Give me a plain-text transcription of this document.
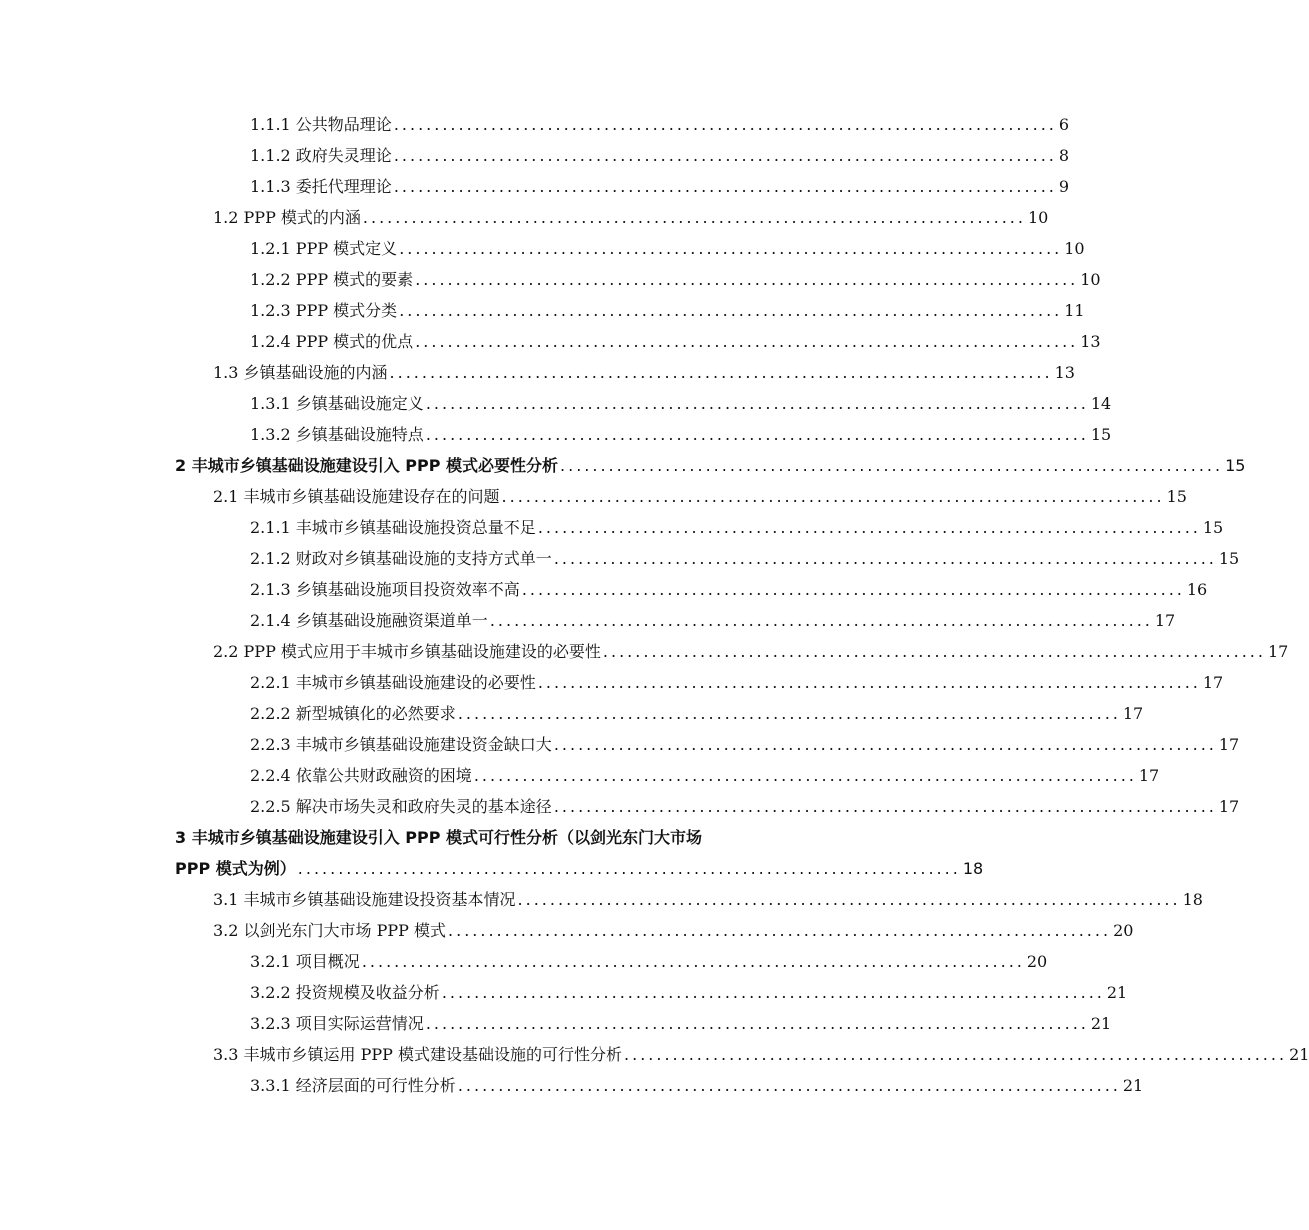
1.1.1 公共物品理论 .................................................................................. 6
1.1.2 政府失灵理论 .................................................................................. 8
1.1.3 委托代理理论 .................................................................................. 9
1.2 PPP 模式的内涵 .................................................................................. 10
1.2.1 PPP 模式定义 .................................................................................. 10
1.2.2 PPP 模式的要素 .................................................................................. 10
1.2.3 PPP 模式分类 .................................................................................. 11
1.2.4 PPP 模式的优点 .................................................................................. 13
1.3 乡镇基础设施的内涵 .................................................................................. 13
1.3.1 乡镇基础设施定义 .................................................................................. 14
1.3.2 乡镇基础设施特点 .................................................................................. 15
2 丰城市乡镇基础设施建设引入 PPP 模式必要性分析 .................................................................................. 15
2.1 丰城市乡镇基础设施建设存在的问题 .................................................................................. 15
2.1.1 丰城市乡镇基础设施投资总量不足 .................................................................................. 15
2.1.2 财政对乡镇基础设施的支持方式单一 .................................................................................. 15
2.1.3 乡镇基础设施项目投资效率不高 .................................................................................. 16
2.1.4 乡镇基础设施融资渠道单一 .................................................................................. 17
2.2 PPP 模式应用于丰城市乡镇基础设施建设的必要性 .................................................................................. 17
2.2.1 丰城市乡镇基础设施建设的必要性 .................................................................................. 17
2.2.2 新型城镇化的必然要求 .................................................................................. 17
2.2.3 丰城市乡镇基础设施建设资金缺口大 .................................................................................. 17
2.2.4 依靠公共财政融资的困境 .................................................................................. 17
2.2.5 解决市场失灵和政府失灵的基本途径 .................................................................................. 17
3 丰城市乡镇基础设施建设引入 PPP 模式可行性分析（以剑光东门大市场
PPP 模式为例） .................................................................................. 18
3.1 丰城市乡镇基础设施建设投资基本情况 .................................................................................. 18
3.2 以剑光东门大市场 PPP 模式 .................................................................................. 20
3.2.1 项目概况 .................................................................................. 20
3.2.2 投资规模及收益分析 .................................................................................. 21
3.2.3 项目实际运营情况 .................................................................................. 21
3.3 丰城市乡镇运用 PPP 模式建设基础设施的可行性分析 .................................................................................. 21
3.3.1 经济层面的可行性分析 .................................................................................. 21
